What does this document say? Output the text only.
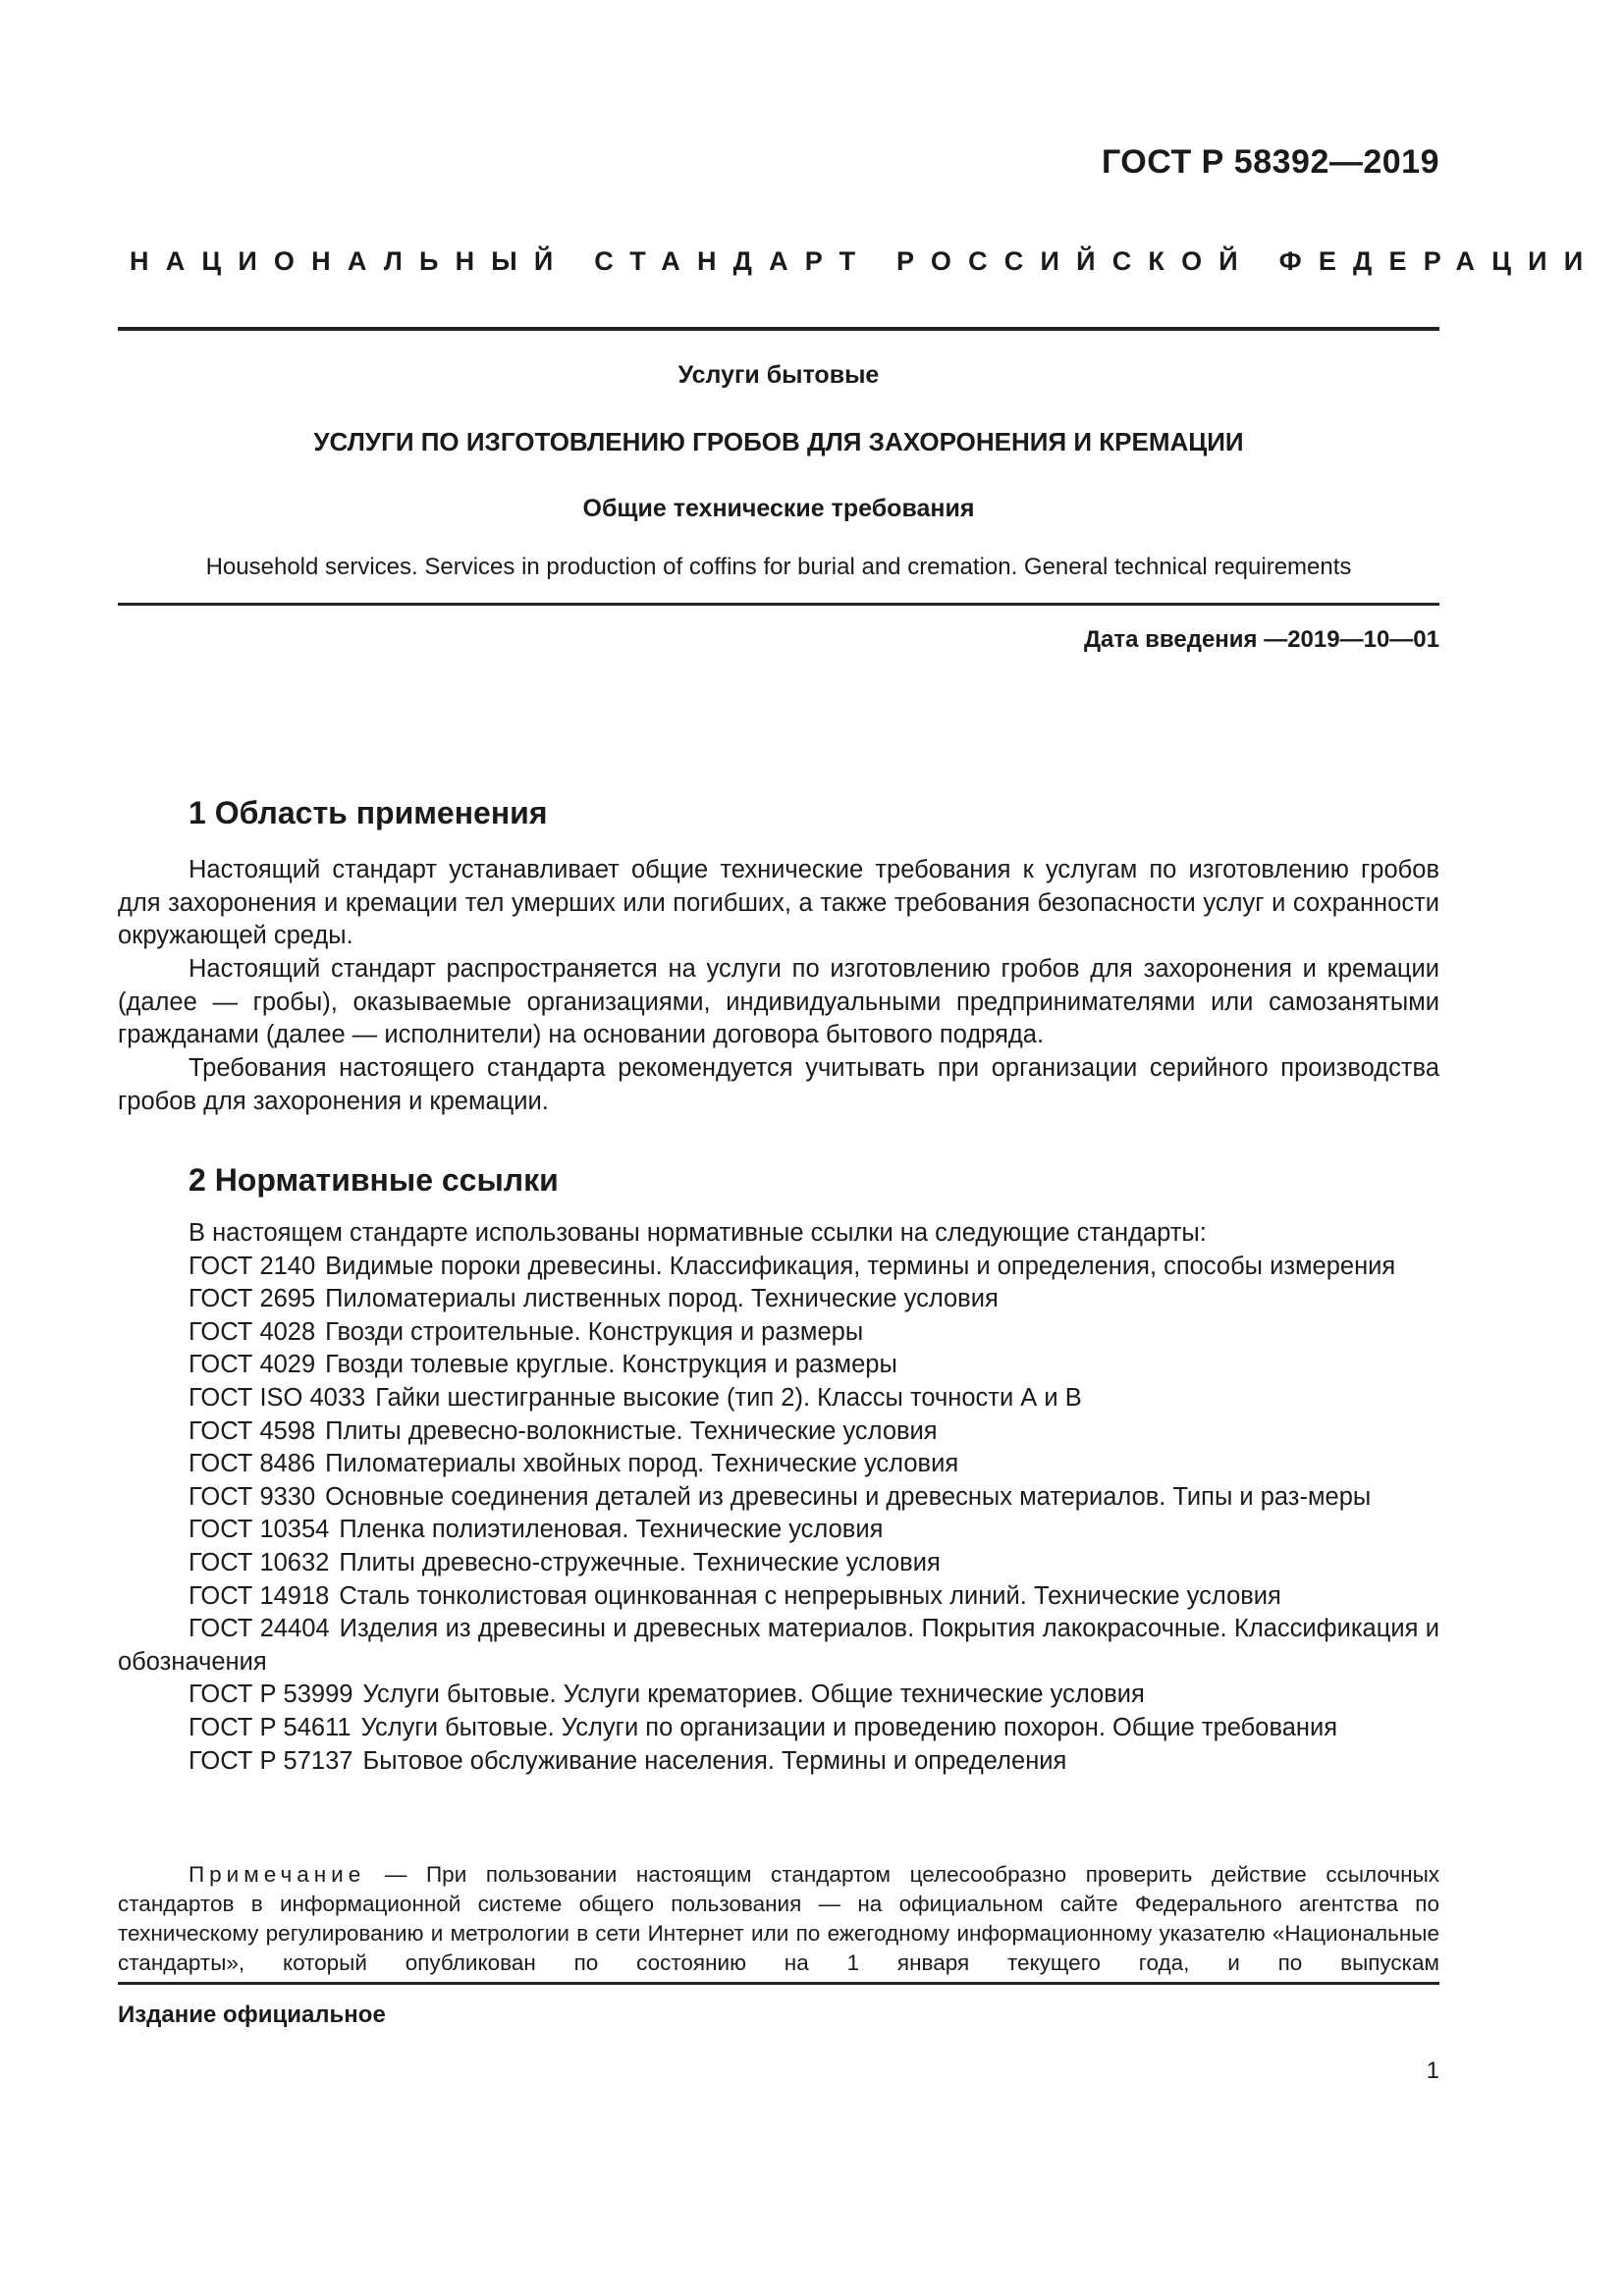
ГОСТ Р 58392—2019
НАЦИОНАЛЬНЫЙ СТАНДАРТ РОССИЙСКОЙ ФЕДЕРАЦИИ
Услуги бытовые
УСЛУГИ ПО ИЗГОТОВЛЕНИЮ ГРОБОВ ДЛЯ ЗАХОРОНЕНИЯ И КРЕМАЦИИ
Общие технические требования
Household services. Services in production of coffins for burial and cremation. General technical requirements
Дата введения —2019—10—01
1 Область применения

Настоящий стандарт устанавливает общие технические требования к услугам по изготовлению гробов для захоронения и кремации тел умерших или погибших, а также требования безопасности услуг и сохранности окружающей среды.

Настоящий стандарт распространяется на услуги по изготовлению гробов для захоронения и кремации (далее — гробы), оказываемые организациями, индивидуальными предпринимателями или самозанятыми гражданами (далее — исполнители) на основании договора бытового подряда.

Требования настоящего стандарта рекомендуется учитывать при организации серийного производства гробов для захоронения и кремации.

2 Нормативные ссылки
В настоящем стандарте использованы нормативные ссылки на следующие стандарты:
ГОСТ 2140 Видимые пороки древесины. Классификация, термины и определения, способы измерения
ГОСТ 2695 Пиломатериалы лиственных пород. Технические условия
ГОСТ 4028 Гвозди строительные. Конструкция и размеры
ГОСТ 4029 Гвозди толевые круглые. Конструкция и размеры
ГОСТ ISO 4033 Гайки шестигранные высокие (тип 2). Классы точности А и В
ГОСТ 4598 Плиты древесно-волокнистые. Технические условия
ГОСТ 8486 Пиломатериалы хвойных пород. Технические условия
ГОСТ 9330 Основные соединения деталей из древесины и древесных материалов. Типы и раз-меры
ГОСТ 10354 Пленка полиэтиленовая. Технические условия
ГОСТ 10632 Плиты древесно-стружечные. Технические условия
ГОСТ 14918 Сталь тонколистовая оцинкованная с непрерывных линий. Технические условия
ГОСТ 24404 Изделия из древесины и древесных материалов. Покрытия лакокрасочные. Классификация и обозначения
ГОСТ Р 53999 Услуги бытовые. Услуги крематориев. Общие технические условия
ГОСТ Р 54611 Услуги бытовые. Услуги по организации и проведению похорон. Общие требования
ГОСТ Р 57137 Бытовое обслуживание населения. Термины и определения

Примечание — При пользовании настоящим стандартом целесообразно проверить действие ссылочных стандартов в информационной системе общего пользования — на официальном сайте Федерального агентства по техническому регулированию и метрологии в сети Интернет или по ежегодному информационному указателю «Национальные стандарты», который опубликован по состоянию на 1 января текущего года, и по выпускам

Издание официальное
1
